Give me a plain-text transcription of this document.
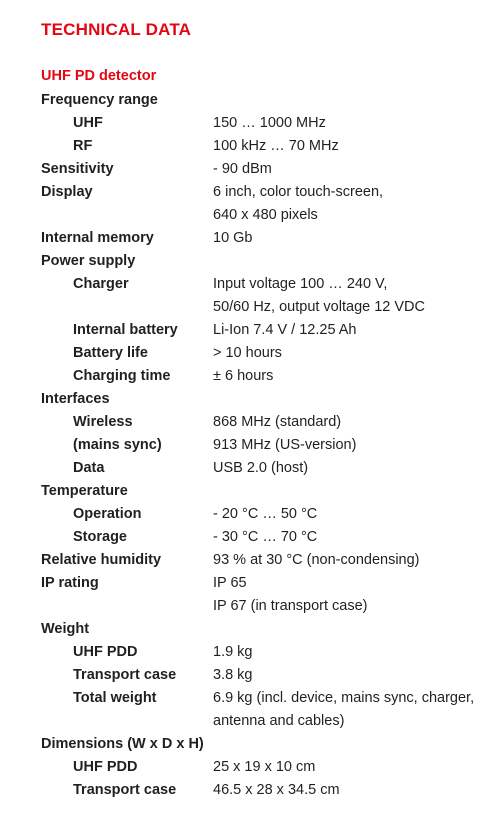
TECHNICAL DATA
UHF PD detector
Frequency range
UHF	150 … 1000 MHz
RF	100 kHz … 70 MHz
Sensitivity	- 90 dBm
Display	6 inch, color touch-screen,
640 x 480 pixels
Internal memory	10 Gb
Power supply
Charger	Input voltage 100 … 240 V,
50/60 Hz, output voltage 12 VDC
Internal battery Li-Ion 7.4 V / 12.25 Ah
Battery life	> 10 hours
Charging time	± 6 hours
Interfaces
Wireless	868 MHz (standard)
(mains sync)	913 MHz (US-version)
Data	USB 2.0 (host)
Temperature
Operation	- 20 °C … 50 °C
Storage	- 30 °C … 70 °C
Relative humidity	93 % at 30 °C (non-condensing)
IP rating	IP 65
IP 67 (in transport case)
Weight
UHF PDD	1.9 kg
Transport case	3.8 kg
Total weight	6.9 kg (incl. device, mains sync, charger,
antenna and cables)
Dimensions (W x D x H)
UHF PDD	25 x 19 x 10 cm
Transport case	46.5 x 28 x 34.5 cm
